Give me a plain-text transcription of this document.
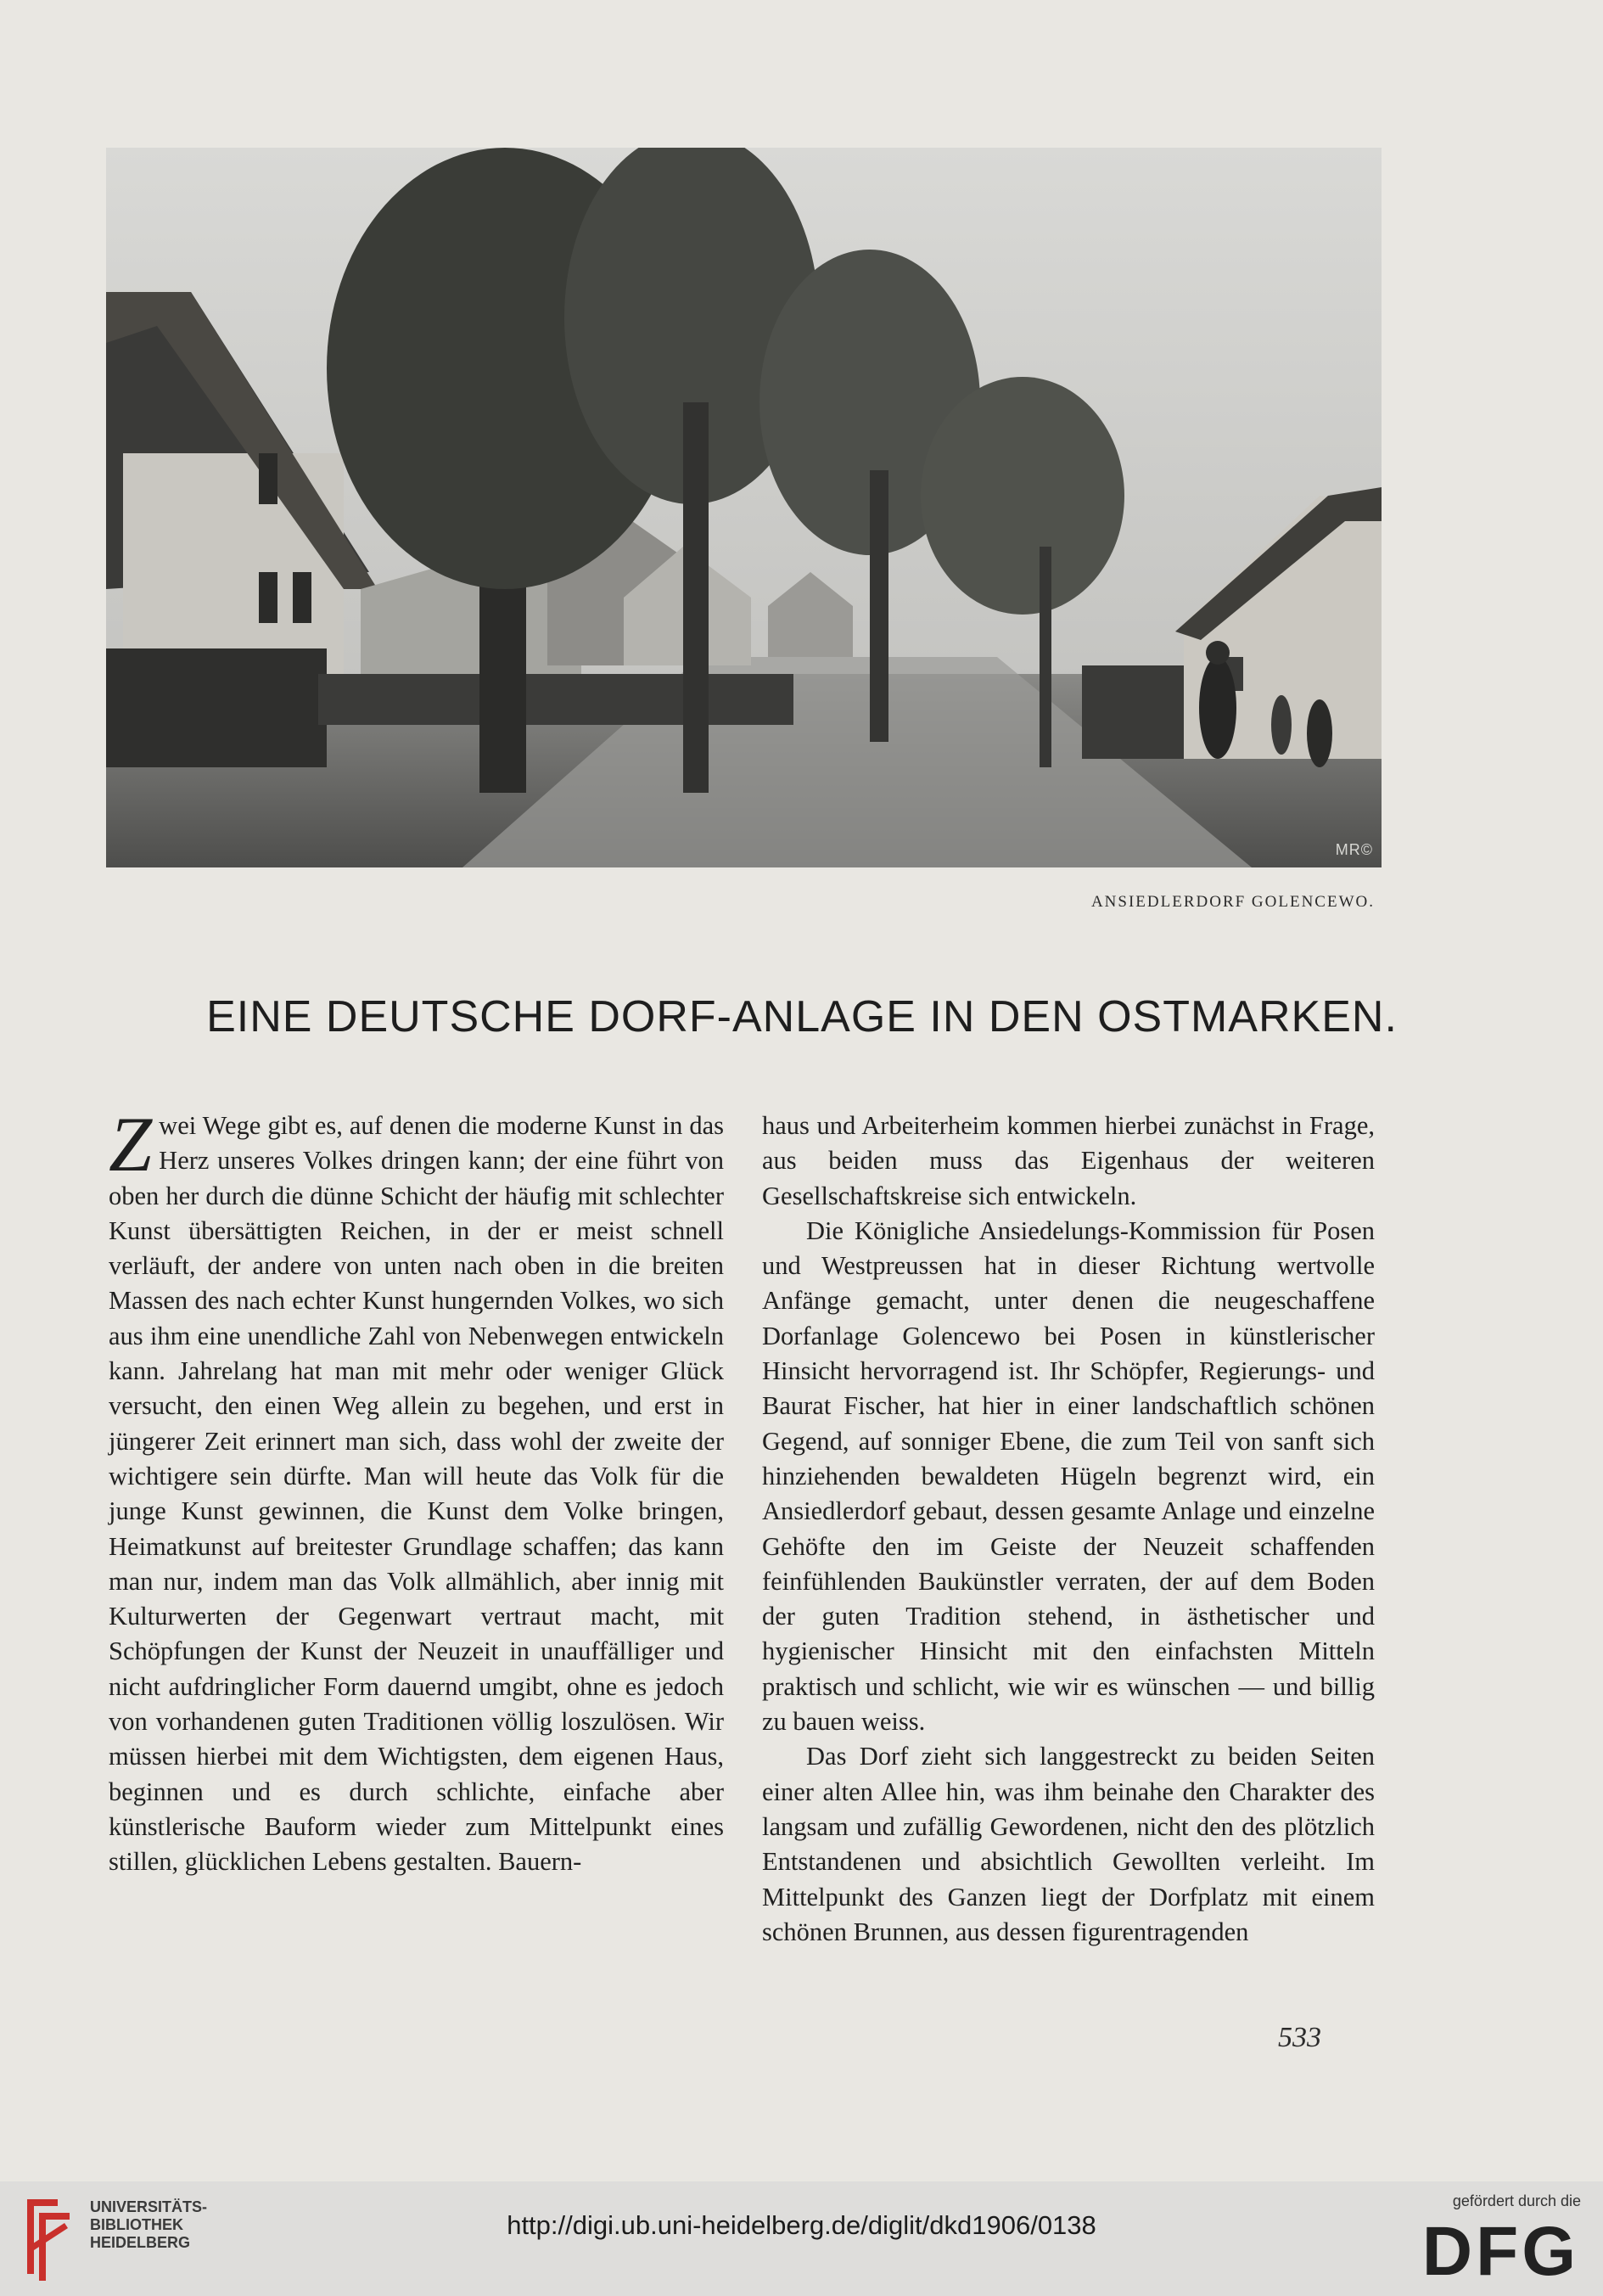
MR©
ANSIEDLERDORF GOLENCEWO.
EINE DEUTSCHE DORF-ANLAGE IN DEN OSTMARKEN.

Zwei Wege gibt es, auf denen die moderne Kunst in das Herz unseres Volkes dringen kann; der eine führt von oben her durch die dünne Schicht der häufig mit schlechter Kunst übersättigten Reichen, in der er meist schnell verläuft, der andere von unten nach oben in die breiten Massen des nach echter Kunst hungernden Volkes, wo sich aus ihm eine unendliche Zahl von Nebenwegen entwickeln kann. Jahrelang hat man mit mehr oder weniger Glück versucht, den einen Weg allein zu begehen, und erst in jüngerer Zeit erinnert man sich, dass wohl der zweite der wichtigere sein dürfte. Man will heute das Volk für die junge Kunst gewinnen, die Kunst dem Volke bringen, Heimatkunst auf breitester Grundlage schaffen; das kann man nur, indem man das Volk allmählich, aber innig mit Kulturwerten der Gegenwart vertraut macht, mit Schöpfungen der Kunst der Neuzeit in unauffälliger und nicht aufdringlicher Form dauernd umgibt, ohne es jedoch von vorhandenen guten Traditionen völlig loszulösen. Wir müssen hierbei mit dem Wichtigsten, dem eigenen Haus, beginnen und es durch schlichte, einfache aber künstlerische Bauform wieder zum Mittelpunkt eines stillen, glücklichen Lebens gestalten. Bauern-

haus und Arbeiterheim kommen hierbei zunächst in Frage, aus beiden muss das Eigenhaus der weiteren Gesellschaftskreise sich entwickeln.

Die Königliche Ansiedelungs-Kommission für Posen und Westpreussen hat in dieser Richtung wertvolle Anfänge gemacht, unter denen die neugeschaffene Dorfanlage Golencewo bei Posen in künstlerischer Hinsicht hervorragend ist. Ihr Schöpfer, Regierungs- und Baurat Fischer, hat hier in einer landschaftlich schönen Gegend, auf sonniger Ebene, die zum Teil von sanft sich hinziehenden bewaldeten Hügeln begrenzt wird, ein Ansiedlerdorf gebaut, dessen gesamte Anlage und einzelne Gehöfte den im Geiste der Neuzeit schaffenden feinfühlenden Baukünstler verraten, der auf dem Boden der guten Tradition stehend, in ästhetischer und hygienischer Hinsicht mit den einfachsten Mitteln praktisch und schlicht, wie wir es wünschen — und billig zu bauen weiss.

Das Dorf zieht sich langgestreckt zu beiden Seiten einer alten Allee hin, was ihm beinahe den Charakter des langsam und zufällig Gewordenen, nicht den des plötzlich Entstandenen und absichtlich Gewollten verleiht. Im Mittelpunkt des Ganzen liegt der Dorfplatz mit einem schönen Brunnen, aus dessen figurentragenden

533
UNIVERSITÄTS-
BIBLIOTHEK
HEIDELBERG
http://digi.ub.uni-heidelberg.de/diglit/dkd1906/0138
gefördert durch die
DFG
